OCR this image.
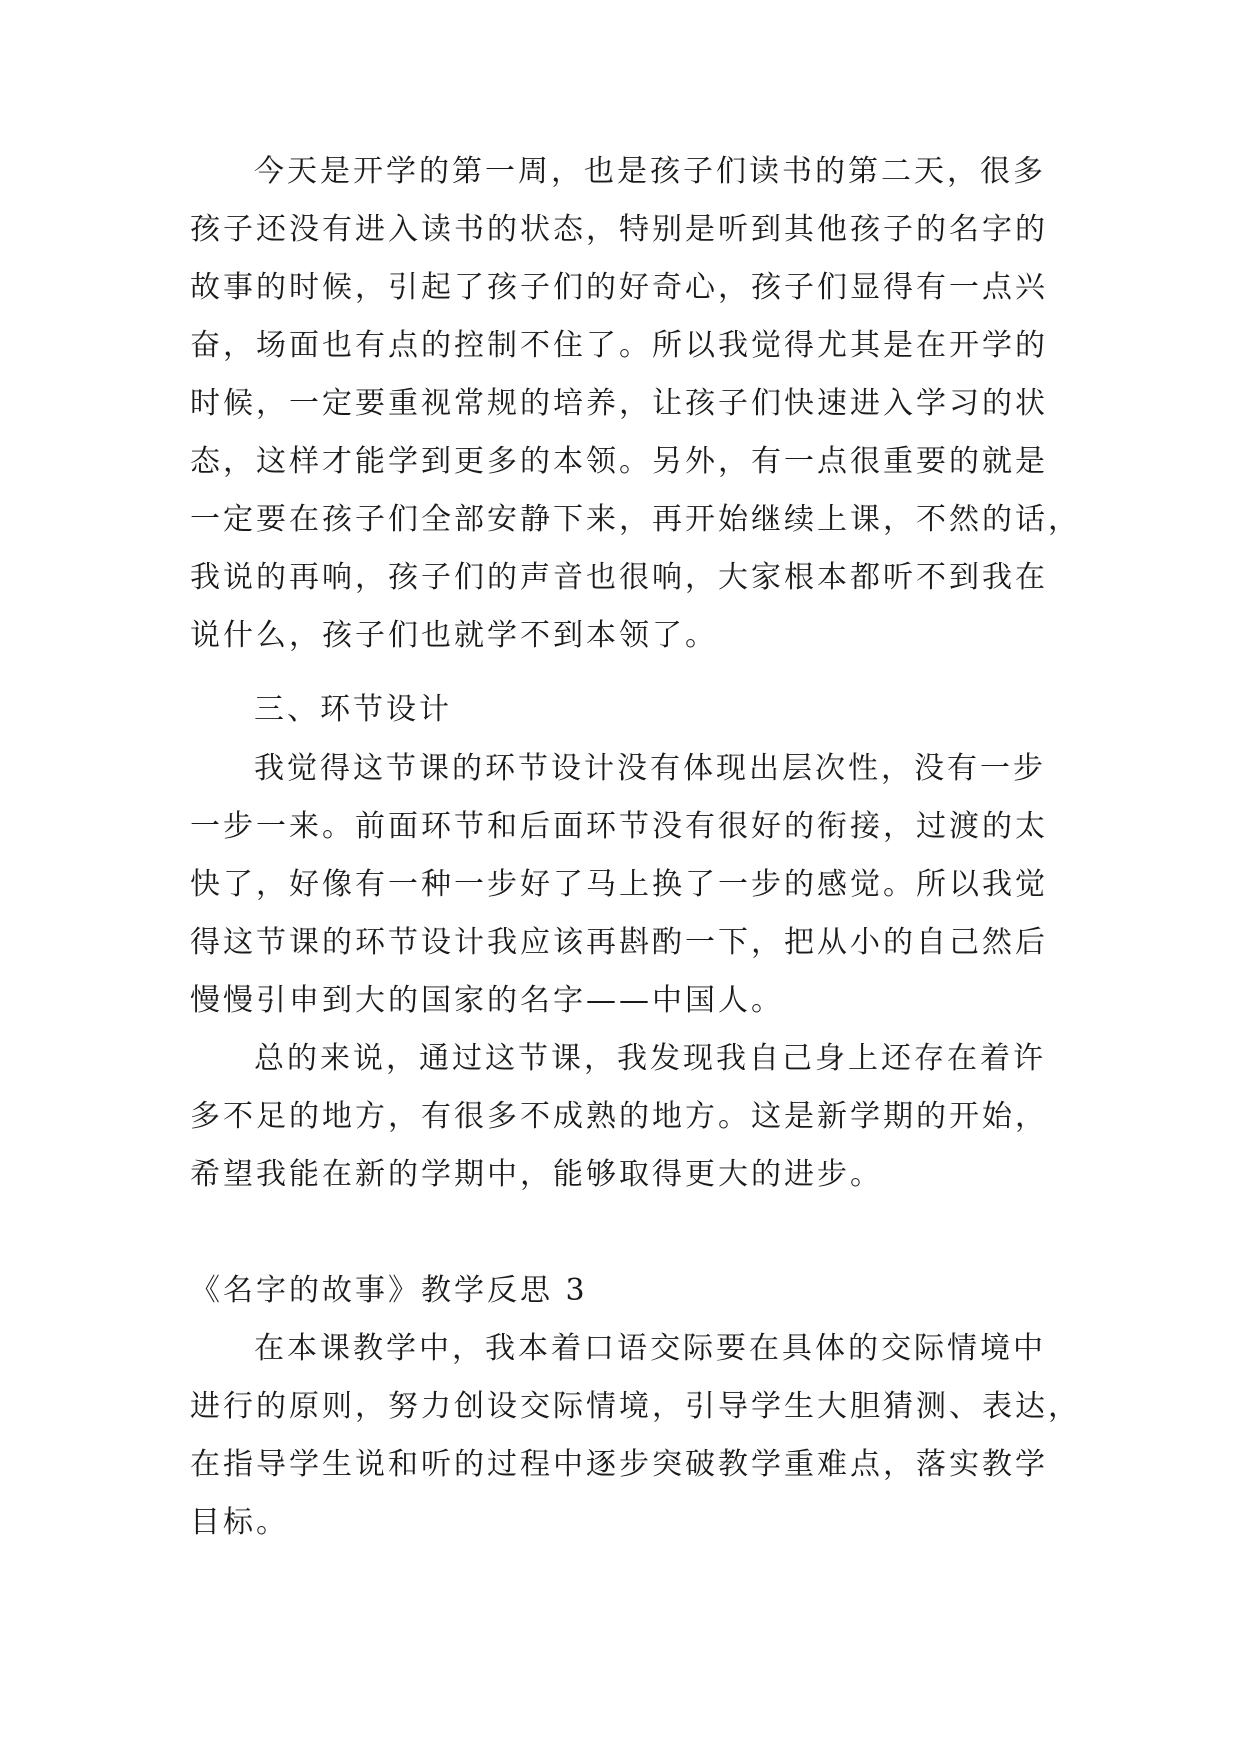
今天是开学的第一周，也是孩子们读书的第二天，很多
孩子还没有进入读书的状态，特别是听到其他孩子的名字的
故事的时候，引起了孩子们的好奇心，孩子们显得有一点兴
奋，场面也有点的控制不住了。所以我觉得尤其是在开学的
时候，一定要重视常规的培养，让孩子们快速进入学习的状
态，这样才能学到更多的本领。另外，有一点很重要的就是
一定要在孩子们全部安静下来，再开始继续上课，不然的话，
我说的再响，孩子们的声音也很响，大家根本都听不到我在
说什么，孩子们也就学不到本领了。
三、环节设计
我觉得这节课的环节设计没有体现出层次性，没有一步
一步一来。前面环节和后面环节没有很好的衔接，过渡的太
快了，好像有一种一步好了马上换了一步的感觉。所以我觉
得这节课的环节设计我应该再斟酌一下，把从小的自己然后
慢慢引申到大的国家的名字——中国人。
总的来说，通过这节课，我发现我自己身上还存在着许
多不足的地方，有很多不成熟的地方。这是新学期的开始，
希望我能在新的学期中，能够取得更大的进步。
《名字的故事》教学反思 3
在本课教学中，我本着口语交际要在具体的交际情境中
进行的原则，努力创设交际情境，引导学生大胆猜测、表达，
在指导学生说和听的过程中逐步突破教学重难点，落实教学
目标。
